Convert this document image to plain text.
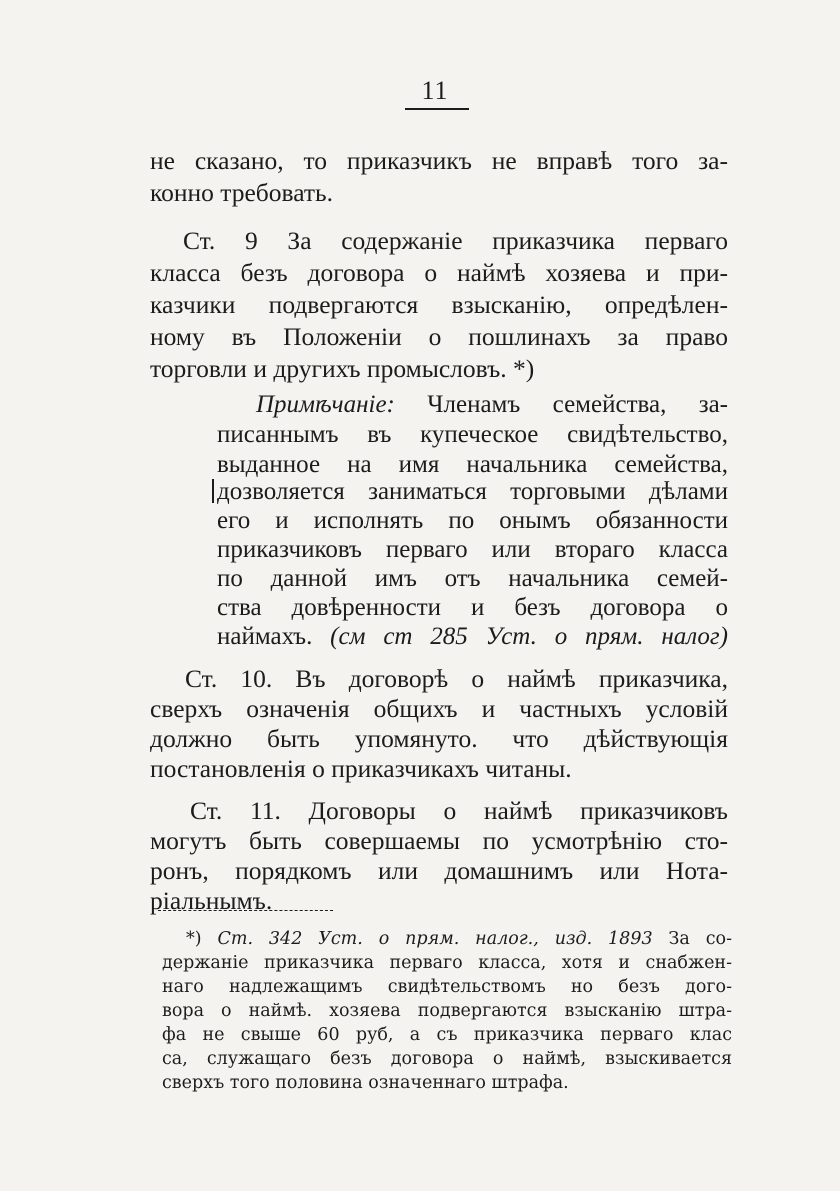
11
не сказано, то приказчикъ не вправѣ того за-
конно требовать.
Ст. 9 За содержаніе приказчика перваго
класса безъ договора о наймѣ хозяева и при-
казчики подвергаются взысканію, опредѣлен-
ному въ Положеніи о пошлинахъ за право
торговли и другихъ промысловъ. *)
Примѣчаніе: Членамъ семейства, за-
писаннымъ въ купеческое свидѣтельство,
выданное на имя начальника семейства,
дозволяется заниматься торговыми дѣлами
его и исполнять по онымъ обязанности
приказчиковъ перваго или втораго класса
по данной имъ отъ начальника семей-
ства довѣренности и безъ договора о
наймахъ. (см ст 285 Уст. о прям. налог)
Ст. 10. Въ договорѣ о наймѣ приказчика,
сверхъ означенія общихъ и частныхъ условій
должно быть упомянуто. что дѣйствующія
постановленія о приказчикахъ читаны.
Ст. 11. Договоры о наймѣ приказчиковъ
могутъ быть совершаемы по усмотрѣнію сто-
ронъ, порядкомъ или домашнимъ или Нота-
ріальнымъ.
*) Ст. 342 Уст. о прям. налог., изд. 1893 За со-
держаніе приказчика перваго класса, хотя и снабжен-
наго надлежащимъ свидѣтельствомъ но безъ дого-
вора о наймѣ. хозяева подвергаются взысканію штра-
фа не свыше 60 руб, а съ приказчика перваго клас
са, служащаго безъ договора о наймѣ, взыскивается
сверхъ того половина означеннаго штрафа.
